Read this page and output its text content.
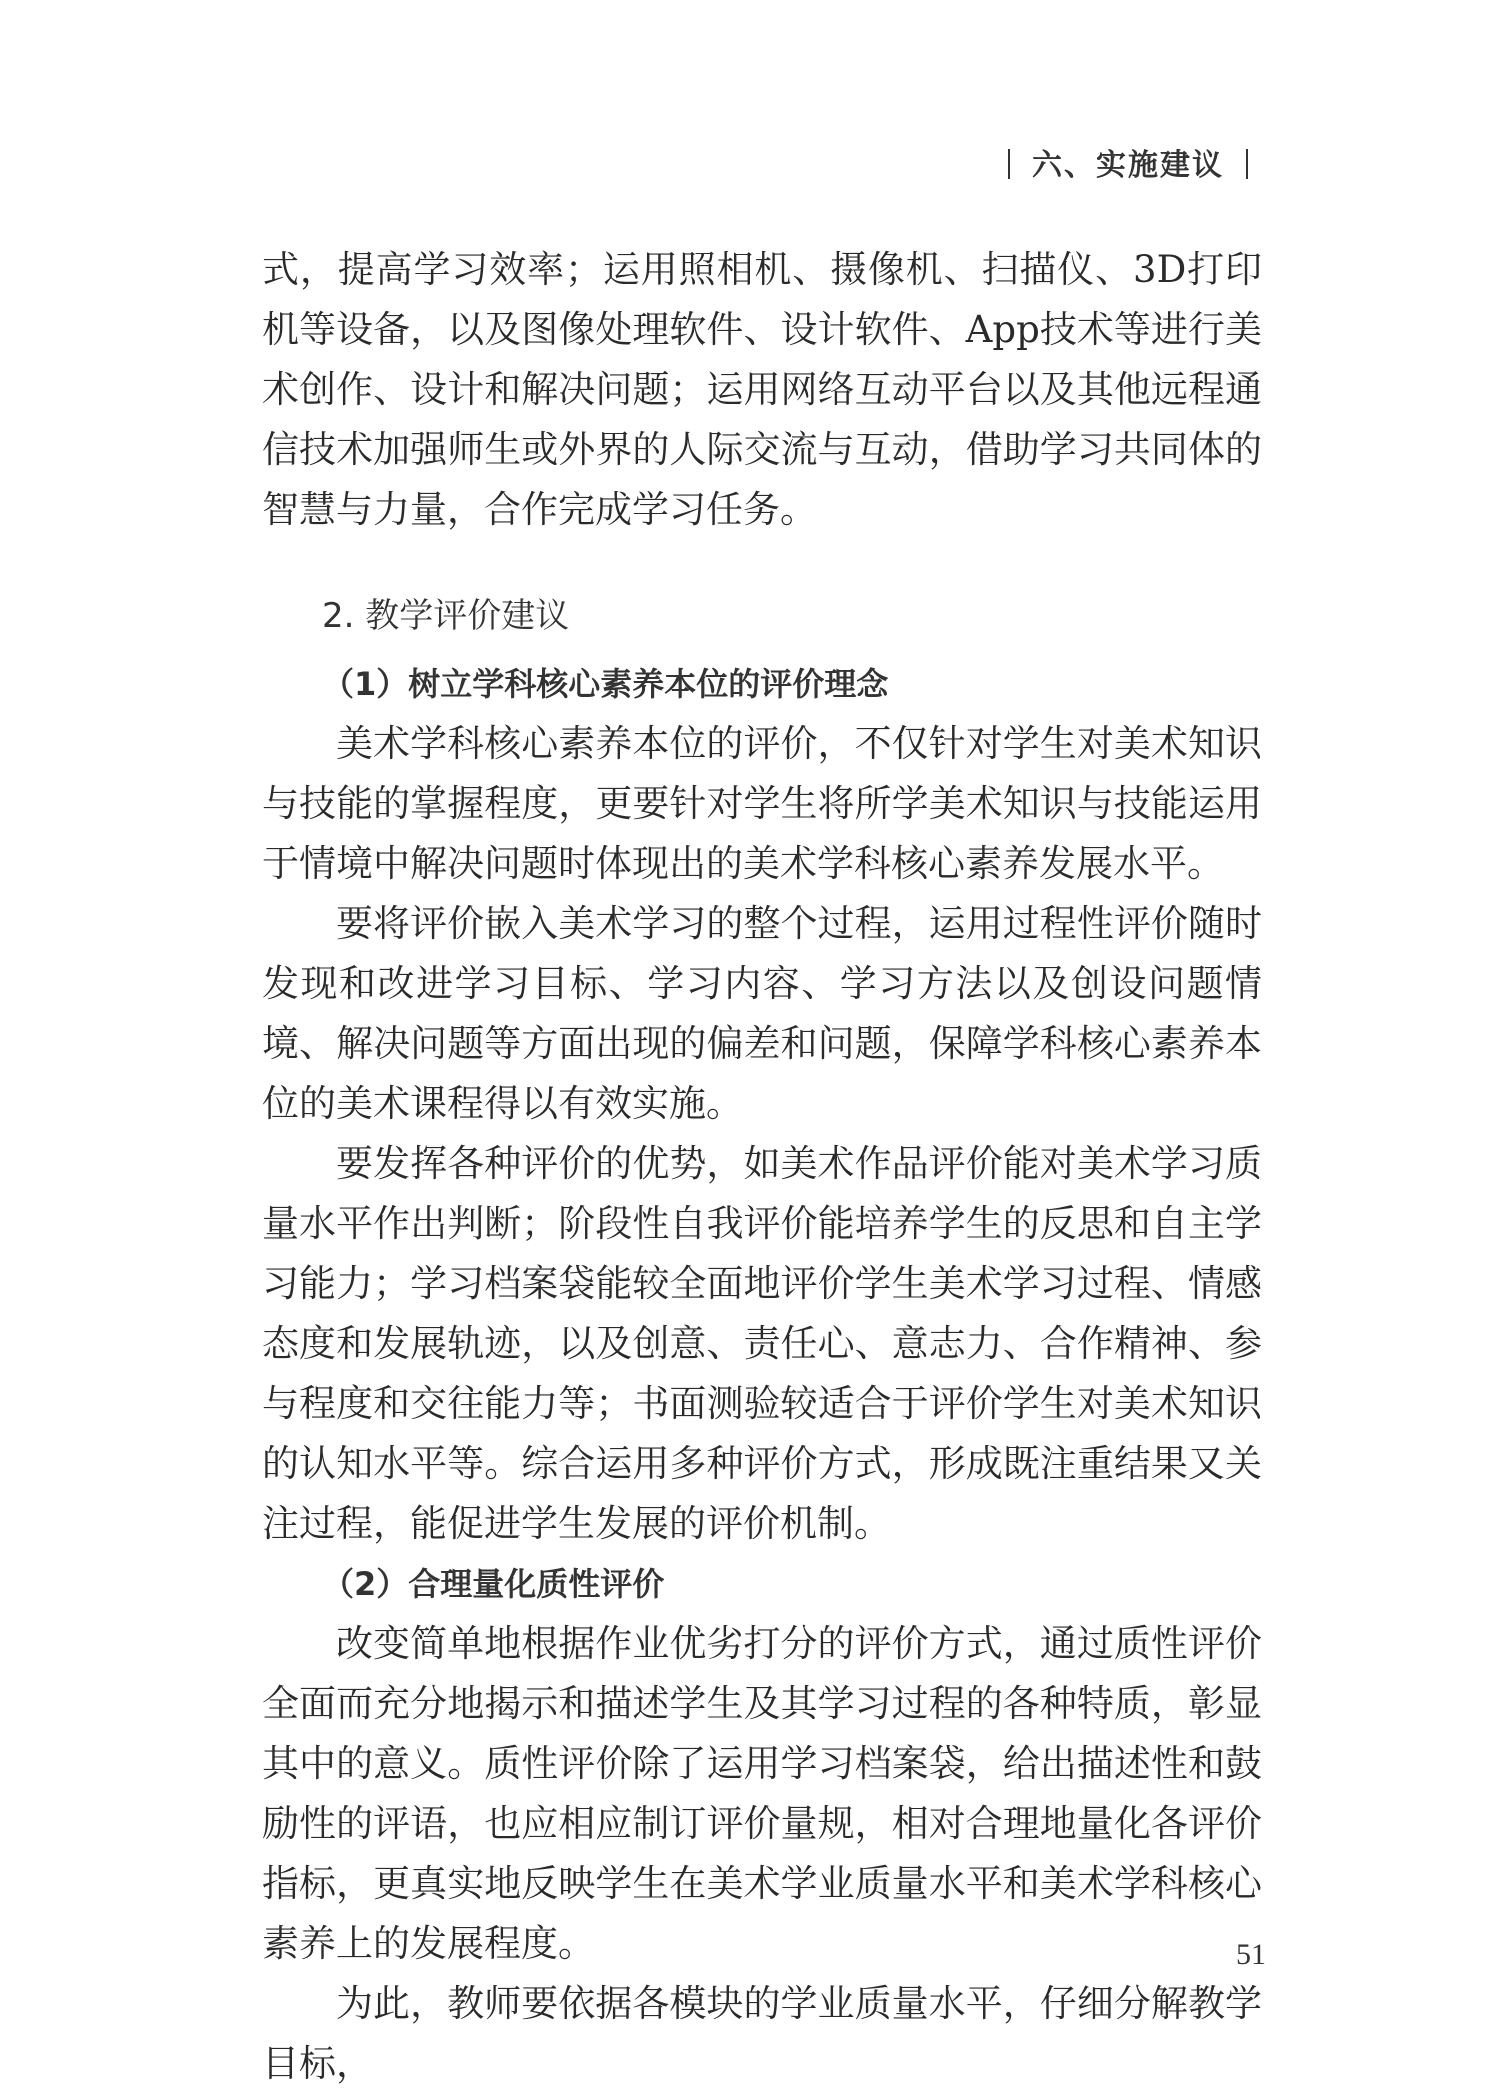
六、实施建议

式，提高学习效率；运用照相机、摄像机、扫描仪、3D打印机等设备，以及图像处理软件、设计软件、App技术等进行美术创作、设计和解决问题；运用网络互动平台以及其他远程通信技术加强师生或外界的人际交流与互动，借助学习共同体的智慧与力量，合作完成学习任务。

2. 教学评价建议
（1）树立学科核心素养本位的评价理念

美术学科核心素养本位的评价，不仅针对学生对美术知识与技能的掌握程度，更要针对学生将所学美术知识与技能运用于情境中解决问题时体现出的美术学科核心素养发展水平。

要将评价嵌入美术学习的整个过程，运用过程性评价随时发现和改进学习目标、学习内容、学习方法以及创设问题情境、解决问题等方面出现的偏差和问题，保障学科核心素养本位的美术课程得以有效实施。

要发挥各种评价的优势，如美术作品评价能对美术学习质量水平作出判断；阶段性自我评价能培养学生的反思和自主学习能力；学习档案袋能较全面地评价学生美术学习过程、情感态度和发展轨迹，以及创意、责任心、意志力、合作精神、参与程度和交往能力等；书面测验较适合于评价学生对美术知识的认知水平等。综合运用多种评价方式，形成既注重结果又关注过程，能促进学生发展的评价机制。

（2）合理量化质性评价

改变简单地根据作业优劣打分的评价方式，通过质性评价全面而充分地揭示和描述学生及其学习过程的各种特质，彰显其中的意义。质性评价除了运用学习档案袋，给出描述性和鼓励性的评语，也应相应制订评价量规，相对合理地量化各评价指标，更真实地反映学生在美术学业质量水平和美术学科核心素养上的发展程度。

为此，教师要依据各模块的学业质量水平，仔细分解教学目标，

51
